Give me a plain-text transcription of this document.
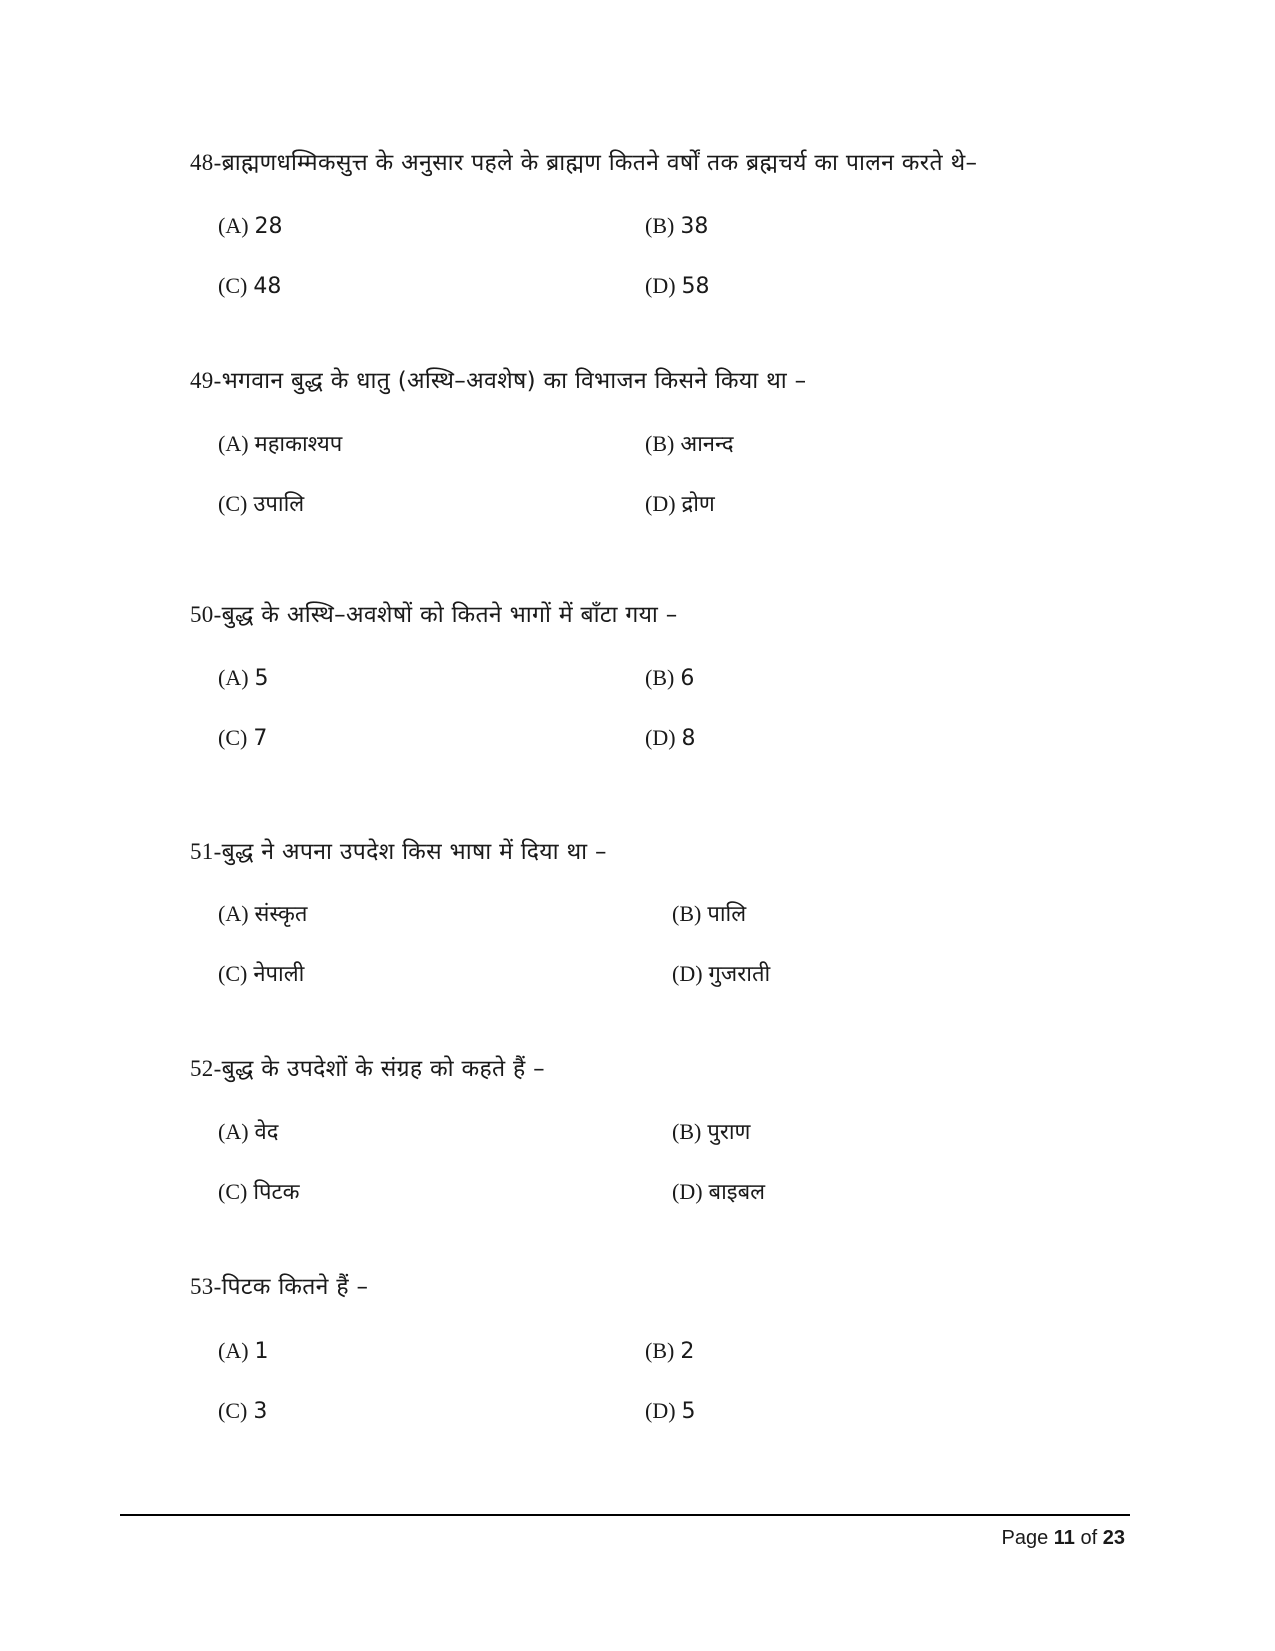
48-ब्राह्मणधम्मिकसुत्त के अनुसार पहले के ब्राह्मण कितने वर्षों तक ब्रह्मचर्य का पालन करते थे–
(A) 28	(B) 38
(C) 48	(D) 58
49-भगवान बुद्ध के धातु (अस्थि–अवशेष) का विभाजन किसने किया था –
(A) महाकाश्यप	(B) आनन्द
(C) उपालि	(D) द्रोण
50-बुद्ध के अस्थि–अवशेषों को कितने भागों में बाँटा गया –
(A) 5	(B) 6
(C) 7	(D) 8
51-बुद्ध ने अपना उपदेश किस भाषा में दिया था –
(A) संस्कृत	(B) पालि
(C) नेपाली	(D) गुजराती
52-बुद्ध के उपदेशों के संग्रह को कहते हैं –
(A) वेद	(B) पुराण
(C) पिटक	(D) बाइबल
53-पिटक कितने हैं –
(A) 1	(B) 2
(C) 3	(D) 5
Page 11 of 23
